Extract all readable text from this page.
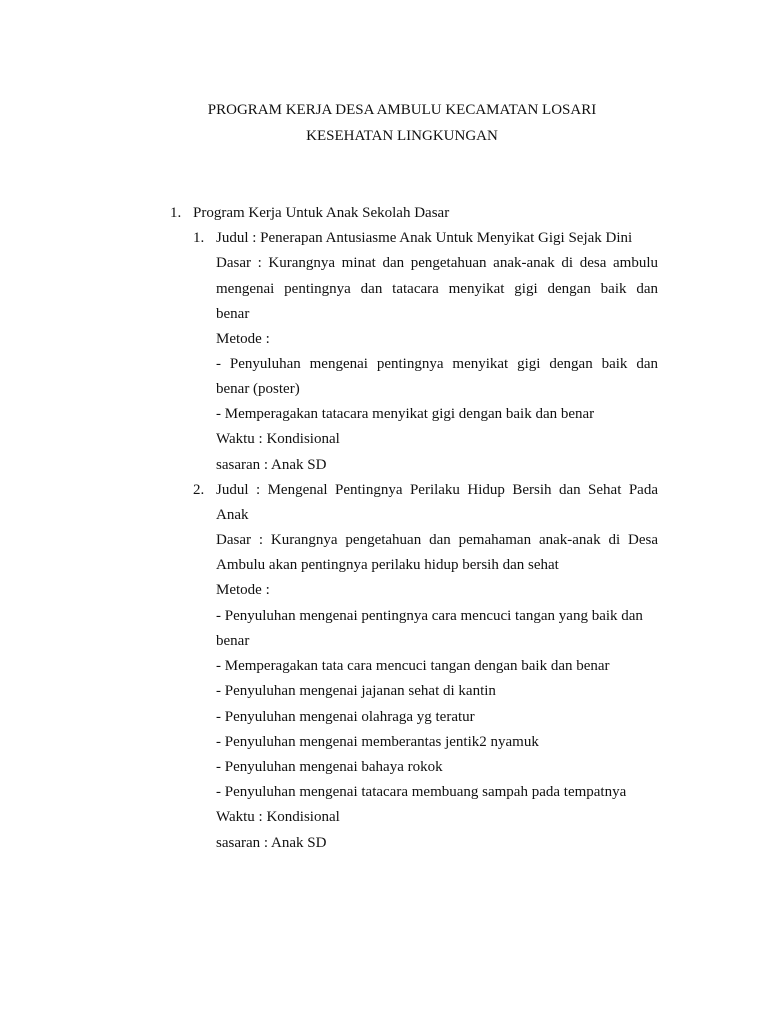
PROGRAM KERJA DESA AMBULU KECAMATAN LOSARI
KESEHATAN LINGKUNGAN
1. Program Kerja Untuk Anak Sekolah Dasar
1. Judul : Penerapan Antusiasme Anak Untuk Menyikat Gigi Sejak Dini
Dasar : Kurangnya minat dan pengetahuan anak-anak di desa ambulu
mengenai pentingnya dan tatacara menyikat gigi dengan baik dan
benar
Metode :
- Penyuluhan mengenai pentingnya menyikat gigi dengan baik dan
benar (poster)
- Memperagakan tatacara menyikat gigi dengan baik dan benar
Waktu : Kondisional
sasaran : Anak SD
2. Judul : Mengenal Pentingnya Perilaku Hidup Bersih dan Sehat Pada
Anak
Dasar : Kurangnya pengetahuan dan pemahaman anak-anak di Desa
Ambulu akan pentingnya perilaku hidup bersih dan sehat
Metode :
- Penyuluhan mengenai pentingnya cara mencuci tangan yang baik dan
benar
- Memperagakan tata cara mencuci tangan dengan baik dan benar
- Penyuluhan mengenai jajanan sehat di kantin
- Penyuluhan mengenai olahraga yg teratur
- Penyuluhan mengenai memberantas jentik2 nyamuk
- Penyuluhan mengenai bahaya rokok
- Penyuluhan mengenai tatacara membuang sampah pada tempatnya
Waktu : Kondisional
sasaran : Anak SD
